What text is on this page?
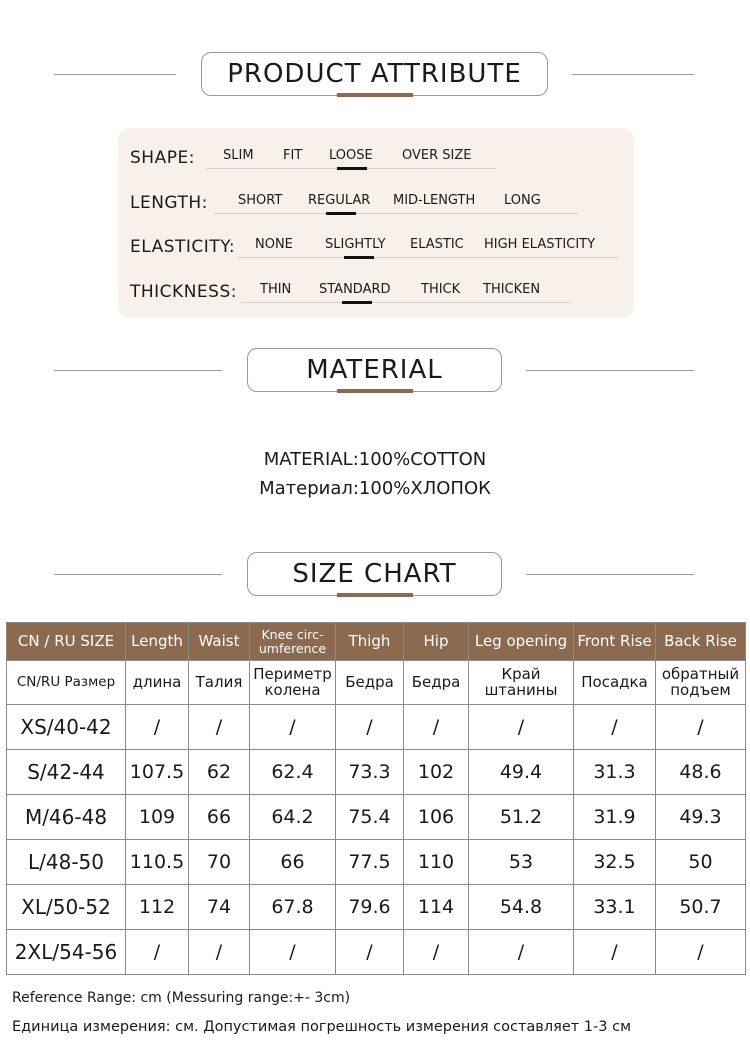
PRODUCT ATTRIBUTE
SHAPE: SLIM FIT LOOSE OVER SIZE
LENGTH: SHORT REGULAR MID-LENGTH LONG
ELASTICITY: NONE SLIGHTLY ELASTIC HIGH ELASTICITY
THICKNESS: THIN STANDARD THICK THICKEN
MATERIAL
MATERIAL:100%COTTON
Материал:100%ХЛОПОК
SIZE CHART
CN / RU SIZE	Length	Waist	Knee circ-umference	Thigh	Hip	Leg opening	Front Rise	Back Rise
CN/RU Размер	длина	Талия	Периметр колена	Бедра	Бедра	Край штанины	Посадка	обратный подъем
XS/40-42	/	/	/	/	/	/	/	/
S/42-44	107.5	62	62.4	73.3	102	49.4	31.3	48.6
M/46-48	109	66	64.2	75.4	106	51.2	31.9	49.3
L/48-50	110.5	70	66	77.5	110	53	32.5	50
XL/50-52	112	74	67.8	79.6	114	54.8	33.1	50.7
2XL/54-56	/	/	/	/	/	/	/	/
Reference Range: cm (Messuring range:+- 3cm)
Единица измерения: см. Допустимая погрешность измерения составляет 1-3 см
